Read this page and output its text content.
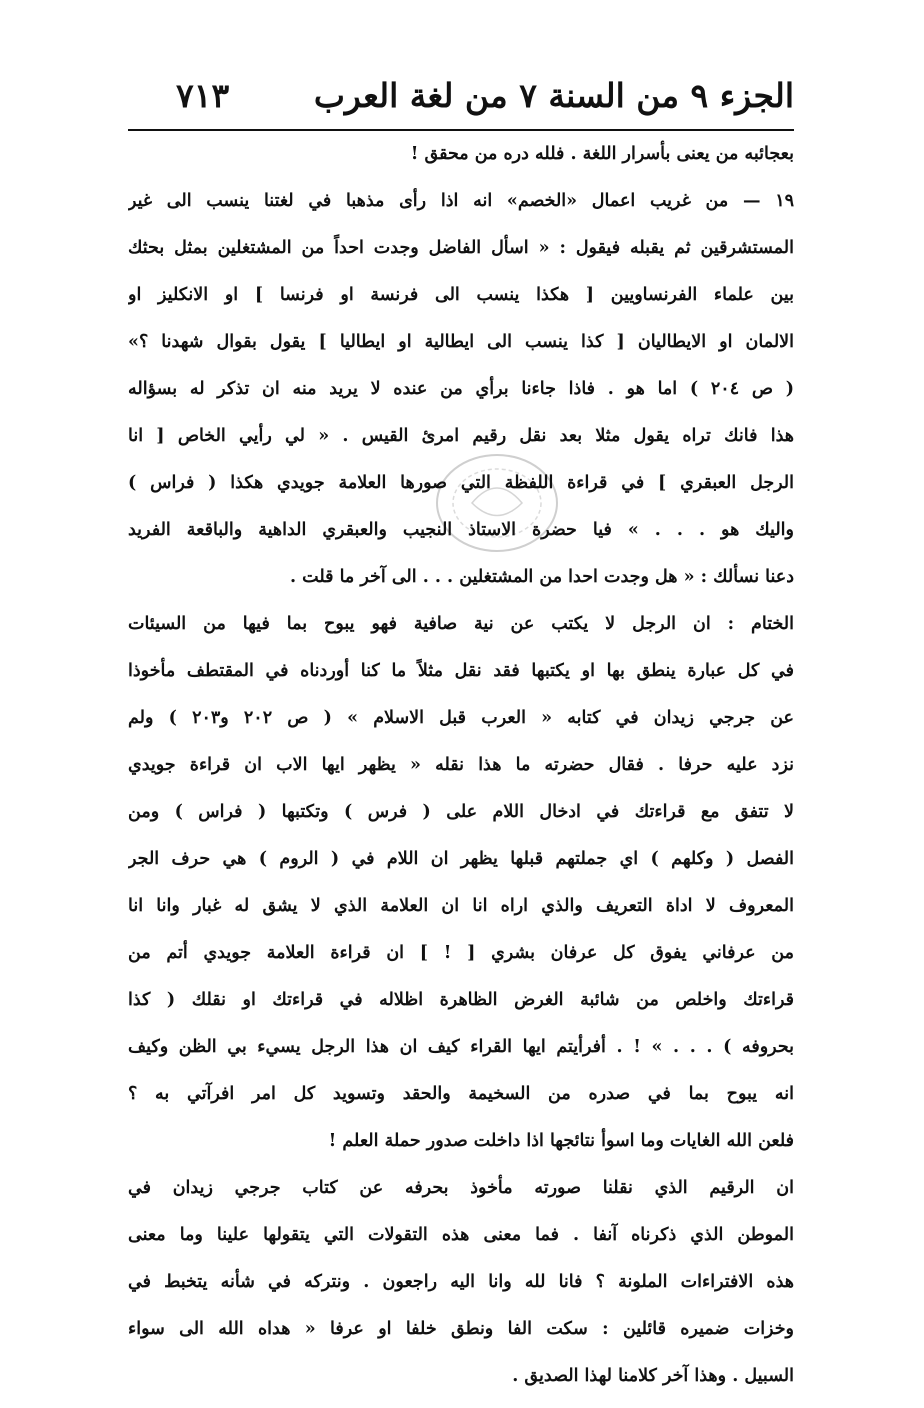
الجزء ٩ من السنة ٧ من لغة العرب
٧١٣
بعجائبه من يعنى بأسرار اللغة . فلله دره من محقق !
١٩ — من غريب اعمال «الخصم» انه اذا رأى مذهبا في لغتنا ينسب الى غير
المستشرقين ثم يقبله فيقول : « اسأل الفاضل وجدت احداً من المشتغلين بمثل بحثك
بين علماء الفرنساويين [ هكذا ينسب الى فرنسة او فرنسا ] او الانكليز او
الالمان او الايطاليان [ كذا ينسب الى ايطالية او ايطاليا ] يقول بقوال شهدنا ؟»
( ص ٢٠٤ ) اما هو . فاذا جاءنا برأي من عنده لا يريد منه ان تذكر له بسؤاله
هذا فانك تراه يقول مثلا بعد نقل رقيم امرئ القيس . « لي رأيي الخاص [ انا
الرجل العبقري ] في قراءة اللفظة التي صورها العلامة جويدي هكذا ( فراس )
واليك هو . . . » فيا حضرة الاستاذ النجيب والعبقري الداهية والباقعة الفريد
دعنا نسألك : « هل وجدت احدا من المشتغلين . . . الى آخر ما قلت .
الختام : ان الرجل لا يكتب عن نية صافية فهو يبوح بما فيها من السيئات
في كل عبارة ينطق بها او يكتبها فقد نقل مثلاً ما كنا أوردناه في المقتطف مأخوذا
عن جرجي زيدان في كتابه « العرب قبل الاسلام » ( ص ٢٠٢ و٢٠٣ ) ولم
نزد عليه حرفا . فقال حضرته ما هذا نقله « يظهر ايها الاب ان قراءة جويدي
لا تتفق مع قراءتك في ادخال اللام على ( فرس ) وتكتبها ( فراس ) ومن
الفصل ( وكلهم ) اي جملتهم قبلها يظهر ان اللام في ( الروم ) هي حرف الجر
المعروف لا اداة التعريف والذي اراه انا ان العلامة الذي لا يشق له غبار وانا انا
من عرفاني يفوق كل عرفان بشري [ ! ] ان قراءة العلامة جويدي أتم من
قراءتك واخلص من شائبة الغرض الظاهرة اظلاله في قراءتك او نقلك ( كذا
بحروفه ) . . . » ! . أفرأيتم ايها القراء كيف ان هذا الرجل يسيء بي الظن وكيف
انه يبوح بما في صدره من السخيمة والحقد وتسويد كل امر افرآتي به ؟
فلعن الله الغايات وما اسوأ نتائجها اذا داخلت صدور حملة العلم !
ان الرقيم الذي نقلنا صورته مأخوذ بحرفه عن كتاب جرجي زيدان في
الموطن الذي ذكرناه آنفا . فما معنى هذه التقولات التي يتقولها علينا وما معنى
هذه الافتراءات الملونة ؟ فانا لله وانا اليه راجعون . ونتركه في شأنه يتخبط في
وخزات ضميره قائلين : سكت الفا ونطق خلفا او عرفا « هداه الله الى سواء
السبيل . وهذا آخر كلامنا لهذا الصديق .
